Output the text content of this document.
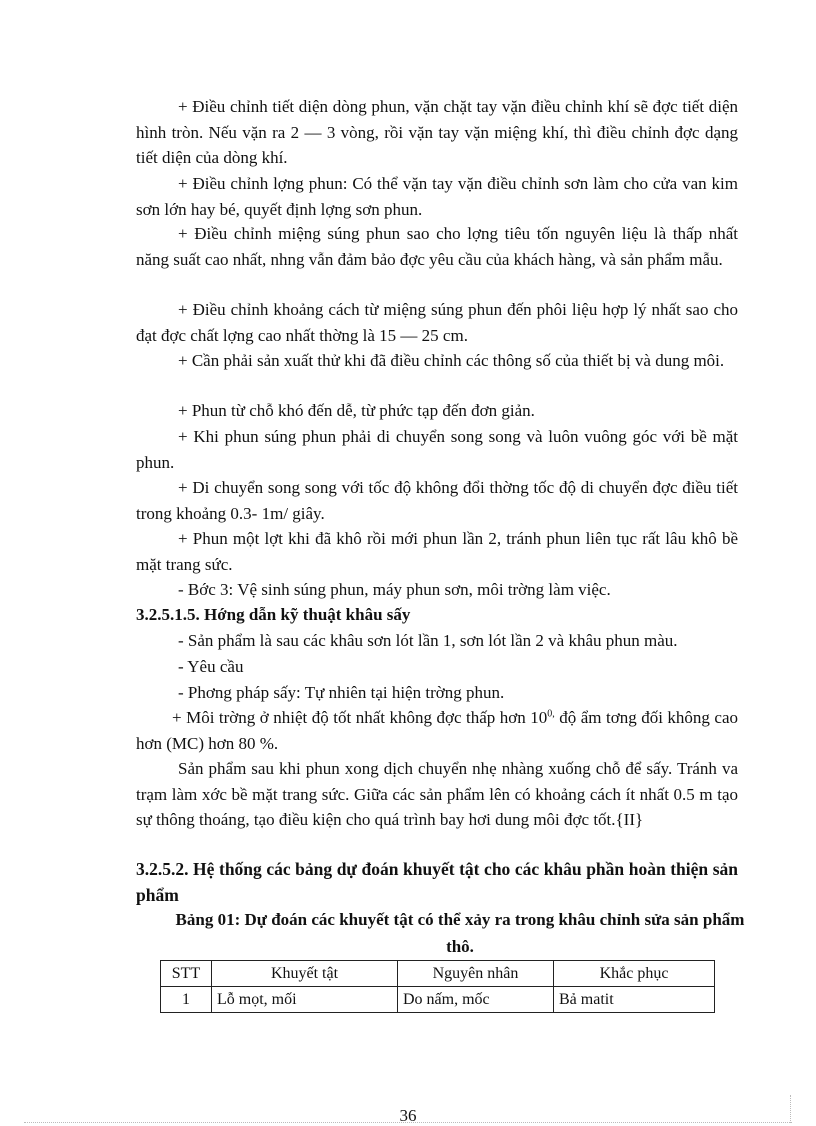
+ Điều chỉnh tiết diện dòng phun, vặn chặt tay vặn điều chỉnh khí sẽ đợc tiết diện hình tròn. Nếu vặn ra 2 — 3 vòng, rồi vặn tay vặn miệng khí, thì điều chỉnh đợc dạng tiết diện của dòng khí.
+ Điều chỉnh lợng phun: Có thể vặn tay vặn điều chỉnh sơn làm cho cửa van kim sơn lớn hay bé, quyết định lợng sơn phun.
+ Điều chỉnh miệng súng phun sao cho lợng tiêu tốn nguyên liệu là thấp nhất năng suất cao nhất, nhng vẫn đảm bảo đợc yêu cầu của khách hàng, và sản phẩm mẫu.
+ Điều chỉnh khoảng cách từ miệng súng phun đến phôi liệu hợp lý nhất sao cho đạt đợc chất lợng cao nhất thờng là 15 — 25 cm.
+ Cần phải sản xuất thử khi đã điều chỉnh các thông số của thiết bị và dung môi.
+ Phun từ chỗ khó đến dễ, từ phức tạp đến đơn giản.
+ Khi phun súng phun phải di chuyển song song và luôn vuông góc với bề mặt phun.
+ Di chuyển song song với tốc độ không đổi thờng tốc độ di chuyển đợc điều tiết trong khoảng 0.3- 1m/ giây.
+ Phun một lợt khi đã khô rồi mới phun lần 2, tránh phun liên tục rất lâu khô bề mặt trang sức.
- Bớc 3: Vệ sinh súng phun, máy phun sơn, môi trờng làm việc.
3.2.5.1.5. Hớng dẫn kỹ thuật khâu sấy
- Sản phẩm là sau các khâu sơn lót lần 1, sơn lót lần 2 và khâu phun màu.
- Yêu cầu
- Phơng pháp sấy: Tự nhiên tại hiện trờng phun.
+ Môi trờng ở nhiệt độ tốt nhất không đợc thấp hơn $10^{0,}$ độ ẩm tơng đối không cao hơn (MC) hơn 80 %.
Sản phẩm sau khi phun xong dịch chuyển nhẹ nhàng xuống chỗ để sấy. Tránh va trạm làm xớc bề mặt trang sức. Giữa các sản phẩm lên có khoảng cách ít nhất 0.5 m tạo sự thông thoáng, tạo điều kiện cho quá trình bay hơi dung môi đợc tốt.{II}
3.2.5.2. Hệ thống các bảng dự đoán khuyết tật cho các khâu phần hoàn thiện sản phẩm
Bảng 01: Dự đoán các khuyết tật có thể xảy ra trong khâu chỉnh sửa sản phẩm thô.
STT	Khuyết tật	Nguyên nhân	Khắc phục
1	Lỗ mọt, mối	Do nấm, mốc	Bả matit
36
